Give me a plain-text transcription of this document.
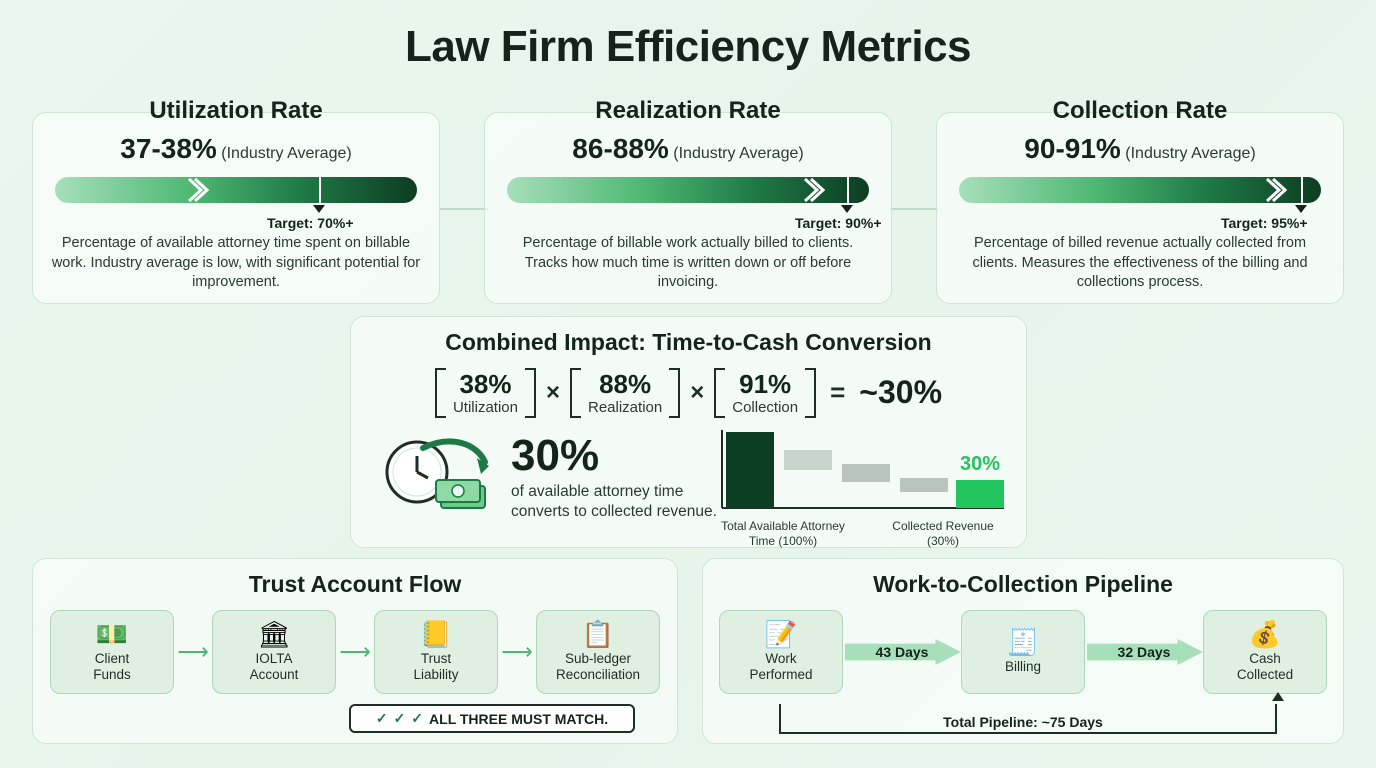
Law Firm Efficiency Metrics
Utilization Rate
37-38% (Industry Average)
Target: 70%+
Percentage of available attorney time spent on billable work. Industry average is low, with significant potential for improvement.
Realization Rate
86-88% (Industry Average)
Target: 90%+
Percentage of billable work actually billed to clients. Tracks how much time is written down or off before invoicing.
Collection Rate
90-91% (Industry Average)
Target: 95%+
Percentage of billed revenue actually collected from clients. Measures the effectiveness of the billing and collections process.
Combined Impact: Time-to-Cash Conversion
38%
Utilization
×	88%
Realization
× 91%
Collection = ~30%
30%
of available attorney time converts to collected revenue.
30%
Total Available Attorney Time (100%)
Collected Revenue (30%)
Trust Account Flow
💵
Client
Funds
⟶
🏛
IOLTA
Account
⟶
📒
Trust
Liability
⟶
📋
Sub-ledger
Reconciliation
✓ ✓ ✓ ALL THREE MUST MATCH.
Work-to-Collection Pipeline
📝
Work
Performed
43 Days	🧾
Billing
32 Days
💰
Cash
Collected
Total Pipeline: ~75 Days
